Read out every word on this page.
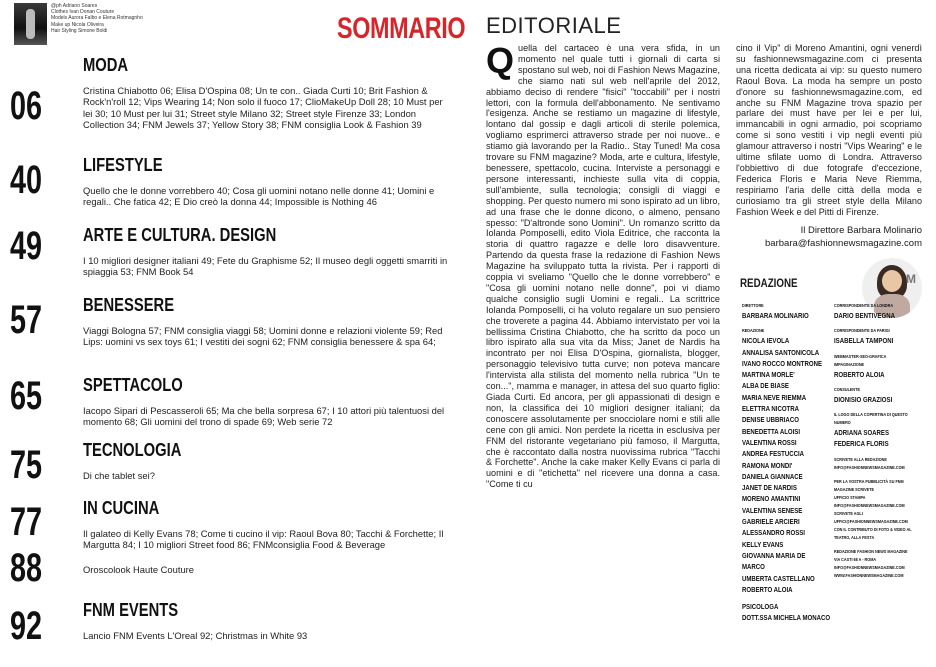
@ph Adriano Soares
Clothes Ivan Donan Couture
Models Aurora Falbo e Elena Rotmagnho
Make up Nicola Oliveira
Hair Styling Simone Boldi	SOMMARIO
06
MODA
Cristina Chiabotto 06; Elisa D'Ospina 08; Un te con.. Giada Curti 10; Brit Fashion & Rock'n'roll 12; Vips Wearing 14; Non solo il fuoco 17; ClioMakeUp Doll 28; 10 Must per lei 30; 10 Must per lui 31; Street style Milano 32; Street style Firenze 33; London Collection 34; FNM Jewels 37; Yellow Story 38; FNM consiglia Look & Fashion 39
40 LIFESTYLE
Quello che le donne vorrebbero 40; Cosa gli uomini notano nelle donne 41; Uomini e regali.. Che fatica 42; E Dio creò la donna 44; Impossible is Nothing 46
49 ARTE E CULTURA. DESIGN
I 10 migliori designer italiani 49; Fete du Graphisme 52; Il museo degli oggetti smarriti in spiaggia 53; FNM Book 54
57 BENESSERE
Viaggi Bologna 57; FNM consiglia viaggi 58; Uomini donne e relazioni violente 59; Red Lips: uomini vs sex toys 61; I vestiti dei sogni 62; FNM consiglia benessere & spa 64;
65 SPETTACOLO
Iacopo Sipari di Pescasseroli 65; Ma che bella sorpresa 67; I 10 attori più talentuosi del momento 68; Gli uomini del trono di spade 69; Web serie 72
75 TECNOLOGIA
Di che tablet sei?
77 IN CUCINA
Il galateo di Kelly Evans 78; Come ti cucino il vip: Raoul Bova 80; Tacchi & Forchette; Il Margutta 84; I 10 migliori Street food 86; FNMconsiglia Food & Beverage
88	Oroscolook Haute Couture
92 FNM EVENTS
Lancio FNM Events L'Oreal 92; Christmas in White 93
EDITORIALE
Quella del cartaceo è una vera sfida, in un momento nel quale tutti i giornali di carta si spostano sul web, noi di Fashion News Magazine, che siamo nati sul web nell'aprile del 2012, abbiamo deciso di rendere "fisici" "toccabili" per i nostri lettori, con la formula dell'abbonamento. Ne sentivamo l'esigenza. Anche se restiamo un magazine di lifestyle, lontano dal gossip e dagli articoli di sterile polemica, vogliamo esprimerci attraverso strade per noi nuove.. e stiamo già lavorando per la Radio.. Stay Tuned! Ma cosa trovare su FNM magazine? Moda, arte e cultura, lifestyle, benessere, spettacolo, cucina. Interviste a personaggi e persone interessanti, inchieste sulla vita di coppia, sull'ambiente, sulla tecnologia; consigli di viaggi e shopping. Per questo numero mi sono ispirato ad un libro, ad una frase che le donne dicono, o almeno, pensano spesso: "D'altronde sono Uomini". Un romanzo scritto da Iolanda Pomposelli, edito Viola Editrice, che racconta la storia di quattro ragazze e delle loro disavventure. Partendo da questa frase la redazione di Fashion News Magazine ha sviluppato tutta la rivista. Per i rapporti di coppia vi sveliamo "Quello che le donne vorrebbero" e "Cosa gli uomini notano nelle donne", poi vi diamo qualche consiglio sugli Uomini e regali.. La scrittrice Iolanda Pomposelli, ci ha voluto regalare un suo pensiero che troverete a pagina 44. Abbiamo intervistato per voi la bellissima Cristina Chiabotto, che ha scritto da poco un libro ispirato alla sua vita da Miss; Janet de Nardis ha incontrato per noi Elisa D'Ospina, giornalista, blogger, personaggio televisivo tutta curve; non poteva mancare l'intervista alla stilista del momento nella rubrica "Un te con...", mamma e manager, in attesa del suo quarto figlio: Giada Curti. Ed ancora, per gli appassionati di design e non, la classifica dei 10 migliori designer italiani; da conoscere assolutamente per snocciolare nomi e stili alle cene con gli amici. Non perdete la ricetta in esclusiva per FNM del ristorante vegetariano più famoso, il Margutta, che è raccontato dalla nostra nuovissima rubrica "Tacchi & Forchette". Anche la cake maker Kelly Evans ci parla di uomini e di "etichetta" nel ricevere una donna a casa. "Come ti cu
cino il Vip" di Moreno Amantini, ogni venerdì su fashionnewsmagazine.com ci presenta una ricetta dedicata ai vip: su questo numero Raoul Bova. La moda ha sempre un posto d'onore su fashionnewsmagazine.com, ed anche su FNM Magazine trova spazio per parlare dei must have per lei e per lui, immancabili in ogni armadio, poi scopriamo come si sono vestiti i vip negli eventi più glamour attraverso i nostri "Vips Wearing" e le ultime sfilate uomo di Londra. Attraverso l'obbiettivo di due fotografe d'eccezione, Federica Floris e Maria Neve Riemma, respiriamo l'aria delle città della moda e curiosiamo tra gli street style della Milano Fashion Week e del Pitti di Firenze.
Il Direttore Barbara Molinario
barbara@fashionnewsmagazine.com
M
REDAZIONE
DIRETTORE
BARBARA MOLINARIO
REDAZIONE
NICOLA IEVOLA
ANNALISA SANTONICOLA
IVANO ROCCO MONTRONE
MARTINA MORLE'
ALBA DE BIASE
MARIA NEVE RIEMMA
ELETTRA NICOTRA
DENISE UBBRIACO
BENEDETTA ALOISI
VALENTINA ROSSI
ANDREA FESTUCCIA
RAMONA MONDI'
DANIELA GIANNACE
JANET DE NARDIS
MORENO AMANTINI
VALENTINA SENESE
GABRIELE ARCIERI
ALESSANDRO ROSSI
KELLY EVANS
GIOVANNA MARIA DE
MARCO
UMBERTA CASTELLANO
ROBERTO ALOIA
PSICOLOGA
DOTT.SSA MICHELA MONACO
CORRISPONDENTE DA LONDRA
DARIO BENTIVEGNA
CORRISPONDENTE DA PARIGI
ISABELLA TAMPONI
WEBMASTER-SEO-GRAFICA
IMPAGINAZIONE
ROBERTO ALOIA
CONSULENTE
DIONISIO GRAZIOSI
IL LOGO DELLA COPERTINA DI QUESTO NUMERO
ADRIANA SOARES
FEDERICA FLORIS
SCRIVETE ALLA REDAZIONE
INFO@FASHIONNEWSMAGAZINE.COM
PER LA VOSTRA PUBBLICITÀ SU FNM MAGAZINE SCRIVETE
UFFICIO STAMPA
INFO@FASHIONNEWSMAGAZINE.COM
SCRIVETE AGLI UFFICI@FASHIONNEWSMAGAZINE.COM
CON IL CONTRIBUTO DI FOTO & VIDEO AL TEATRO, ALLA FESTA
REDAZIONE FASHION NEWS MAGAZINE
VIA CASTI 68 A - ROMA
INFO@FASHIONNEWSMAGAZINE.COM
WWW.FASHIONNEWSMAGAZINE.COM
